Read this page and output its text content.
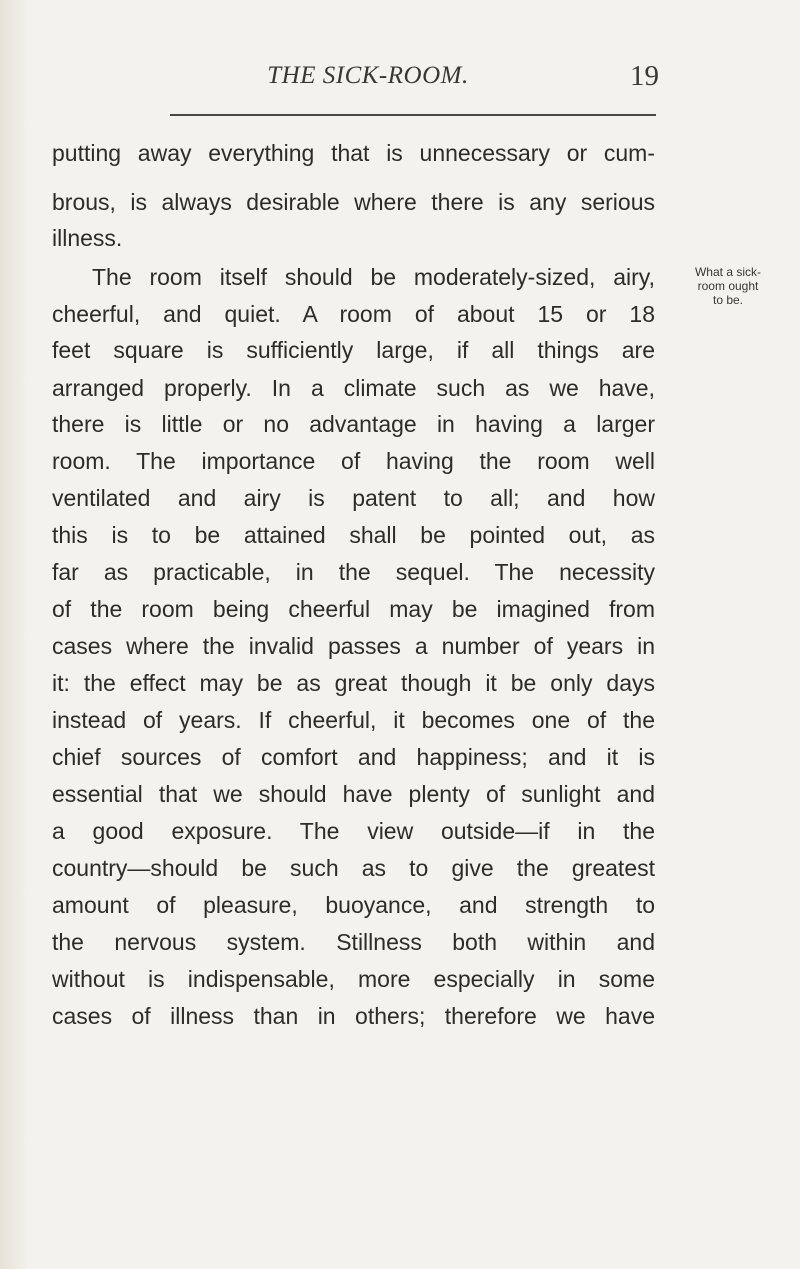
THE SICK-ROOM.	19
What a sick-
room ought
to be.
putting away everything that is unnecessary or cum-
brous, is always desirable where there is any serious
illness.
The room itself should be moderately-sized, airy,
cheerful, and quiet. A room of about 15 or 18
feet square is sufficiently large, if all things are
arranged properly. In a climate such as we have,
there is little or no advantage in having a larger
room. The importance of having the room well
ventilated and airy is patent to all; and how
this is to be attained shall be pointed out, as
far as practicable, in the sequel. The necessity
of the room being cheerful may be imagined from
cases where the invalid passes a number of years in
it: the effect may be as great though it be only days
instead of years. If cheerful, it becomes one of the
chief sources of comfort and happiness; and it is
essential that we should have plenty of sunlight and
a good exposure. The view outside—if in the
country—should be such as to give the greatest
amount of pleasure, buoyance, and strength to
the nervous system. Stillness both within and
without is indispensable, more especially in some
cases of illness than in others; therefore we have
